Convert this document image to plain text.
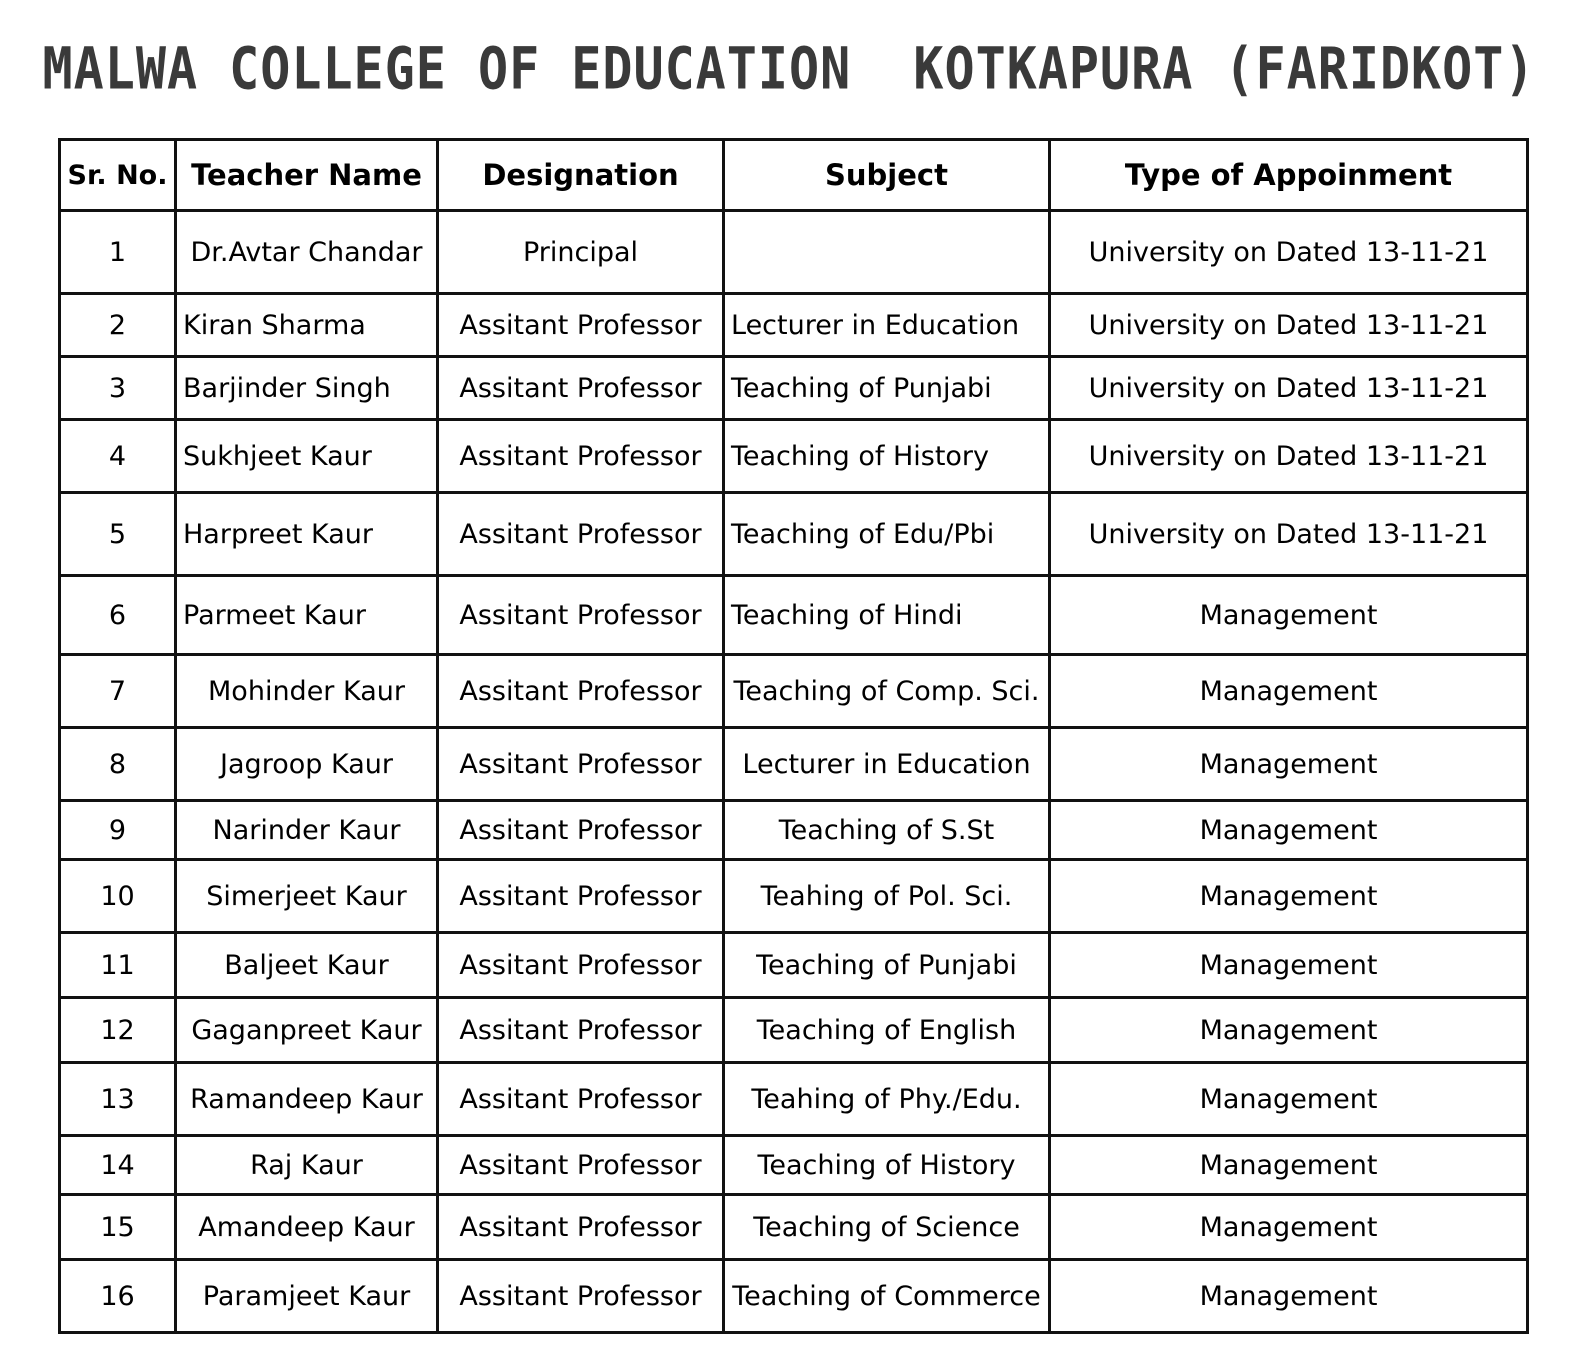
MALWA COLLEGE OF EDUCATION  KOTKAPURA (FARIDKOT)
Sr. No.	Teacher Name	Designation	Subject	Type of Appoinment
1	Dr.Avtar Chandar	Principal		University on Dated 13-11-21
2	Kiran Sharma	Assitant Professor	Lecturer in Education	University on Dated 13-11-21
3	Barjinder Singh	Assitant Professor	Teaching of Punjabi	University on Dated 13-11-21
4	Sukhjeet Kaur	Assitant Professor	Teaching of History	University on Dated 13-11-21
5	Harpreet Kaur	Assitant Professor	Teaching of Edu/Pbi	University on Dated 13-11-21
6	Parmeet Kaur	Assitant Professor	Teaching of Hindi	Management
7	Mohinder Kaur	Assitant Professor	Teaching of Comp. Sci.	Management
8	Jagroop Kaur	Assitant Professor	Lecturer in Education	Management
9	Narinder Kaur	Assitant Professor	Teaching of S.St	Management
10	Simerjeet Kaur	Assitant Professor	Teahing of Pol. Sci.	Management
11	Baljeet Kaur	Assitant Professor	Teaching of Punjabi	Management
12	Gaganpreet Kaur	Assitant Professor	Teaching of English	Management
13	Ramandeep Kaur	Assitant Professor	Teahing of Phy./Edu.	Management
14	Raj Kaur	Assitant Professor	Teaching of History	Management
15	Amandeep Kaur	Assitant Professor	Teaching of Science	Management
16	Paramjeet Kaur	Assitant Professor	Teaching of Commerce	Management
